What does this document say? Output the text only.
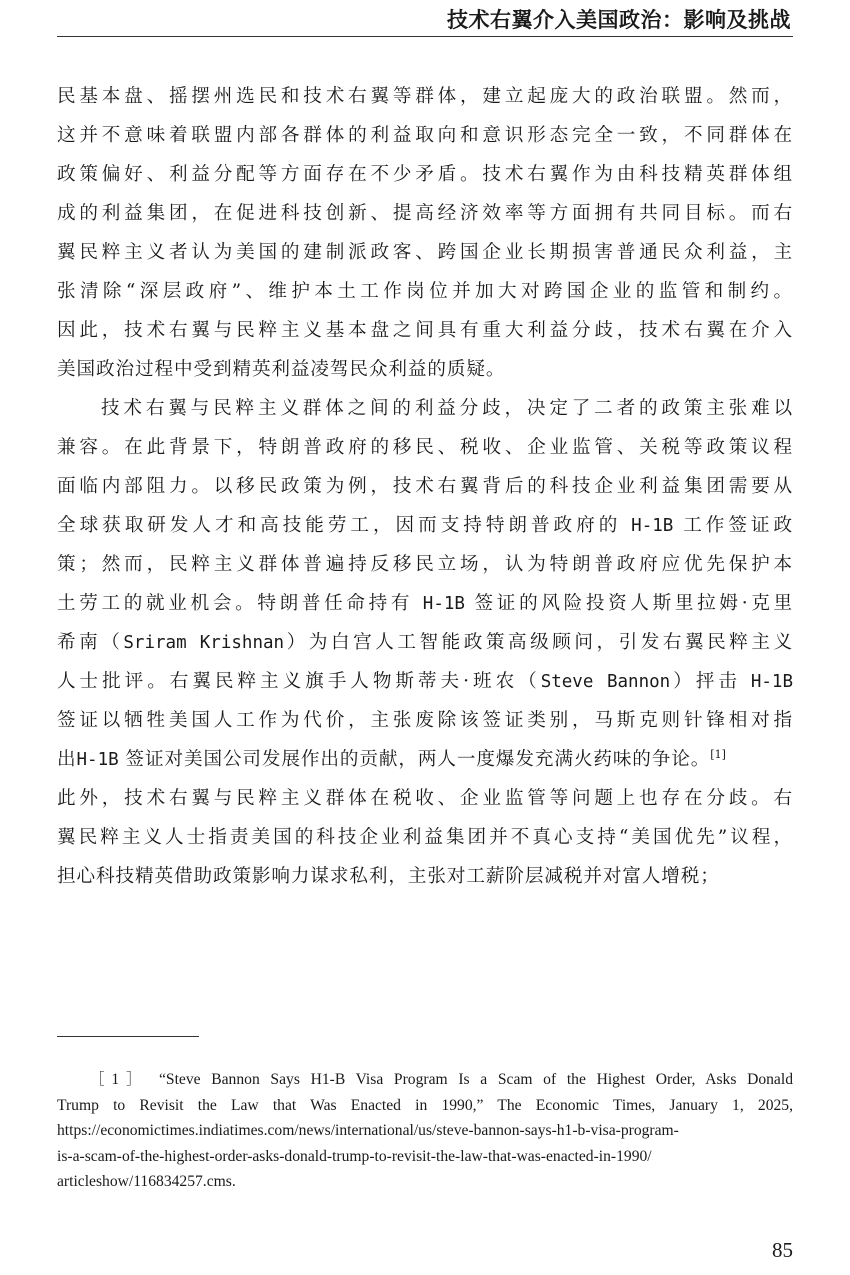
技术右翼介入美国政治：影响及挑战
民基本盘、摇摆州选民和技术右翼等群体，建立起庞大的政治联盟。然而，
这并不意味着联盟内部各群体的利益取向和意识形态完全一致，不同群体在
政策偏好、利益分配等方面存在不少矛盾。技术右翼作为由科技精英群体组
成的利益集团，在促进科技创新、提高经济效率等方面拥有共同目标。而右
翼民粹主义者认为美国的建制派政客、跨国企业长期损害普通民众利益，主
张清除“深层政府”、维护本土工作岗位并加大对跨国企业的监管和制约。
因此，技术右翼与民粹主义基本盘之间具有重大利益分歧，技术右翼在介入
美国政治过程中受到精英利益凌驾民众利益的质疑。
技术右翼与民粹主义群体之间的利益分歧，决定了二者的政策主张难以
兼容。在此背景下，特朗普政府的移民、税收、企业监管、关税等政策议程
面临内部阻力。以移民政策为例，技术右翼背后的科技企业利益集团需要从
全球获取研发人才和高技能劳工，因而支持特朗普政府的 H-1B 工作签证政
策；然而，民粹主义群体普遍持反移民立场，认为特朗普政府应优先保护本
土劳工的就业机会。特朗普任命持有 H-1B 签证的风险投资人斯里拉姆·克里
希南（Sriram Krishnan）为白宫人工智能政策高级顾问，引发右翼民粹主义
人士批评。右翼民粹主义旗手人物斯蒂夫·班农（Steve Bannon）抨击 H-1B
签证以牺牲美国人工作为代价，主张废除该签证类别，马斯克则针锋相对指
出H-1B 签证对美国公司发展作出的贡献，两人一度爆发充满火药味的争论。[1]
此外，技术右翼与民粹主义群体在税收、企业监管等问题上也存在分歧。右
翼民粹主义人士指责美国的科技企业利益集团并不真心支持“美国优先”议程，
担心科技精英借助政策影响力谋求私利，主张对工薪阶层减税并对富人增税；
［1］ “Steve Bannon Says H1-B Visa Program Is a Scam of the Highest Order, Asks Donald
Trump to Revisit the Law that Was Enacted in 1990,” The Economic Times, January 1, 2025,
https://economictimes.indiatimes.com/news/international/us/steve-bannon-says-h1-b-visa-program-
is-a-scam-of-the-highest-order-asks-donald-trump-to-revisit-the-law-that-was-enacted-in-1990/
articleshow/116834257.cms.
85
